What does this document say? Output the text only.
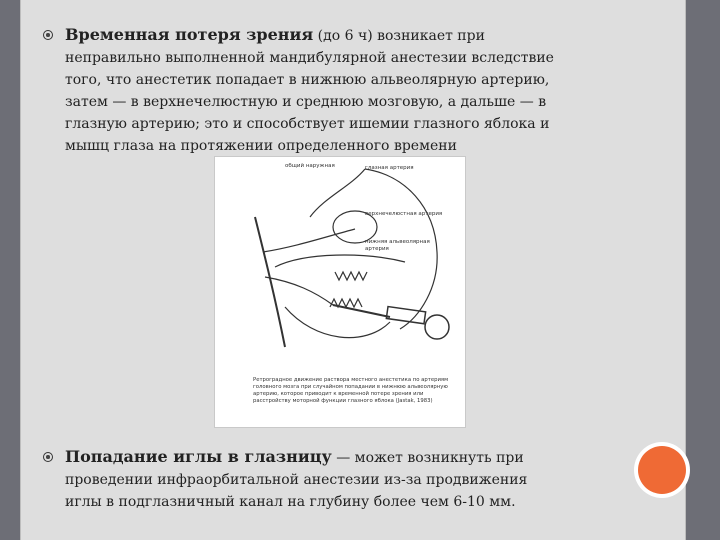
Временная потеря зрения (до 6 ч) возникает при
неправильно выполненной мандибулярной анестезии вследствие
того, что анестетик попадает в нижнюю альвеолярную артерию,
затем — в верхнечелюстную и среднюю мозговую, а дальше — в
глазную артерию; это и способствует ишемии глазного яблока и
мышц глаза на протяжении определенного времени

общий наружная	глазная артерия
верхнечелюстная артерия
нижняя альвеолярная
артерия
Ретроградное движение раствора местного анестетика по артериям головного мозга при случайном попадании в нижнюю альвеолярную артерию, которое приводит к временной потере зрения или расстройству моторной функции глазного яблока (Jastak, 1983)

Попадание иглы в глазницу — может возникнуть при
проведении инфраорбитальной анестезии из-за продвижения
иглы в подглазничный канал на глубину более чем 6-10 мм.
